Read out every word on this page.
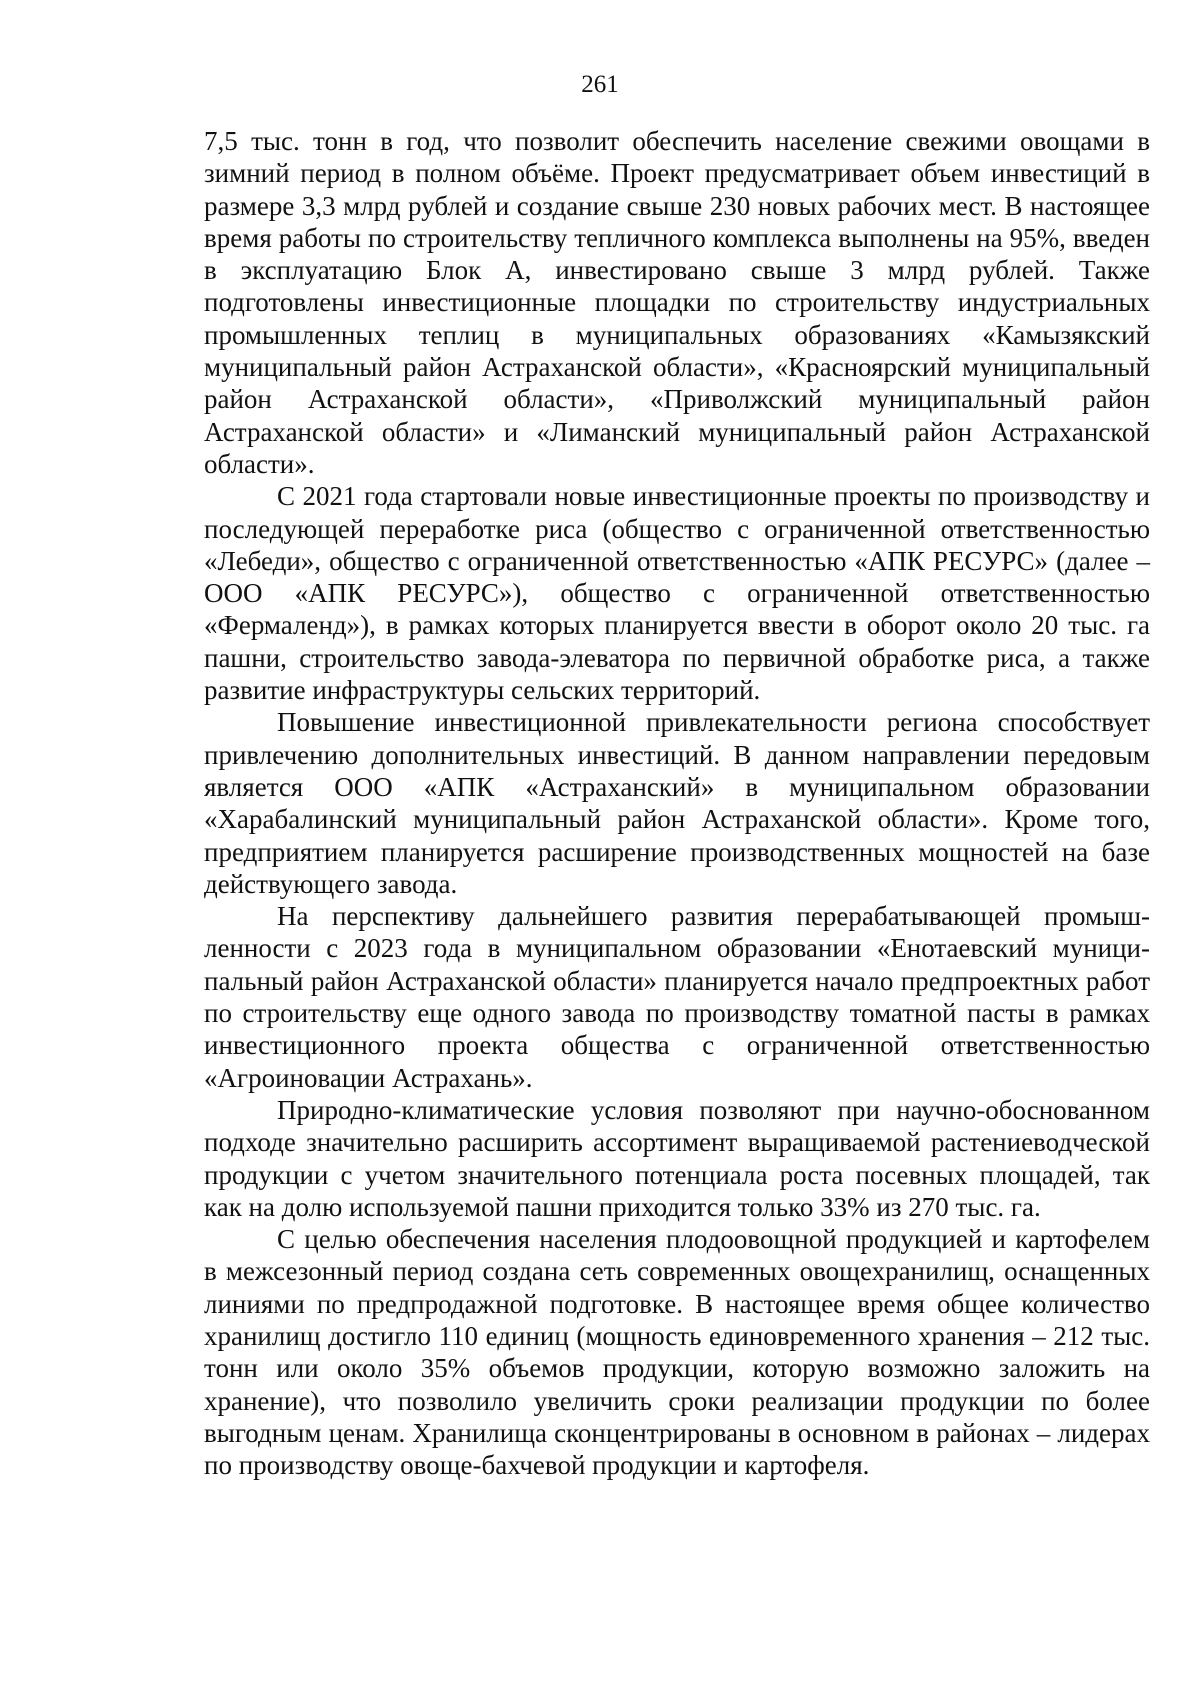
261

7,5 тыс. тонн в год, что позволит обеспечить население свежими овощами в зимний период в полном объёме. Проект предусматривает объем инвестиций в размере 3,3 млрд рублей и создание свыше 230 новых рабочих мест. В настоящее время работы по строительству тепличного комплекса выполнены на 95%, введен в эксплуатацию Блок А, инвестировано свыше 3 млрд рублей. Также подготовлены инвестиционные площадки по строительству индустриальных промышленных теплиц в муниципальных образованиях «Камызякский муниципальный район Астраханской области», «Красноярский муниципальный район Астраханской области», «Приволжский муниципальный район Астраханской области» и «Лиманский муниципальный район Астраханской области».

С 2021 года стартовали новые инвестиционные проекты по производству и последующей переработке риса (общество с ограниченной ответственностью «Лебеди», общество с ограниченной ответственностью «АПК РЕСУРС» (далее – ООО «АПК РЕСУРС»), общество с ограниченной ответственностью «Фермаленд»), в рамках которых планируется ввести в оборот около 20 тыс. га пашни, строительство завода-элеватора по первичной обработке риса, а также развитие инфраструктуры сельских территорий.

Повышение инвестиционной привлекательности региона способствует привлечению дополнительных инвестиций. В данном направлении передовым является ООО «АПК «Астраханский» в муниципальном образовании «Харабалинский муниципальный район Астраханской области». Кроме того, предприятием планируется расширение производственных мощностей на базе действующего завода.

На перспективу дальнейшего развития перерабатывающей промышленности с 2023 года в муниципальном образовании «Енотаевский муниципальный район Астраханской области» планируется начало предпроектных работ по строительству еще одного завода по производству томатной пасты в рамках инвестиционного проекта общества с ограниченной ответственностью «Агроиновации Астрахань».

Природно-климатические условия позволяют при научно-обоснованном подходе значительно расширить ассортимент выращиваемой растениеводческой продукции с учетом значительного потенциала роста посевных площадей, так как на долю используемой пашни приходится только 33% из 270 тыс. га.

С целью обеспечения населения плодоовощной продукцией и картофелем в межсезонный период создана сеть современных овощехранилищ, оснащенных линиями по предпродажной подготовке. В настоящее время общее количество хранилищ достигло 110 единиц (мощность единовременного хранения – 212 тыс. тонн или около 35% объемов продукции, которую возможно заложить на хранение), что позволило увеличить сроки реализации продукции по более выгодным ценам. Хранилища сконцентрированы в основном в районах – лидерах по производству овоще-бахчевой продукции и картофеля.
